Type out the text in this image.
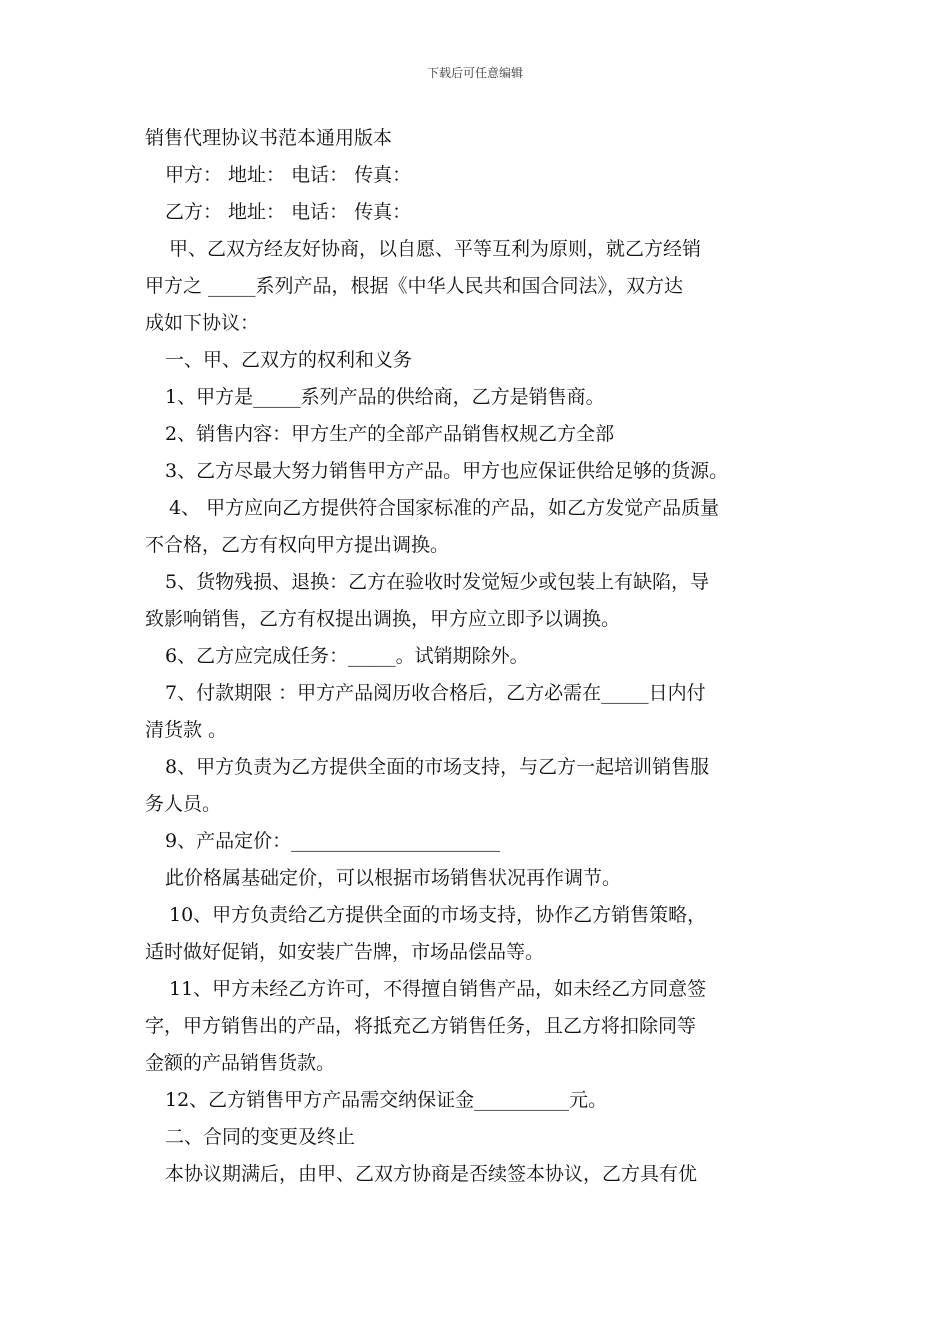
下载后可任意编辑
销售代理协议书范本通用版本
甲方： 地址： 电话： 传真：
乙方： 地址： 电话： 传真：
甲、乙双方经友好协商，以自愿、平等互利为原则，就乙方经销
甲方之 _____系列产品，根据《中华人民共和国合同法》，双方达
成如下协议：
一、甲、乙双方的权利和义务
1、甲方是_____系列产品的供给商，乙方是销售商。
2、销售内容：甲方生产的全部产品销售权规乙方全部
3、乙方尽最大努力销售甲方产品。甲方也应保证供给足够的货源。
4、 甲方应向乙方提供符合国家标准的产品，如乙方发觉产品质量
不合格，乙方有权向甲方提出调换。
5、货物残损、退换：乙方在验收时发觉短少或包装上有缺陷，导
致影响销售，乙方有权提出调换，甲方应立即予以调换。
6、乙方应完成任务：_____。试销期除外。
7、付款期限 ：甲方产品阅历收合格后，乙方必需在_____日内付
清货款 。
8、甲方负责为乙方提供全面的市场支持，与乙方一起培训销售服
务人员。
9、产品定价：______________________
此价格属基础定价，可以根据市场销售状况再作调节。
10、甲方负责给乙方提供全面的市场支持，协作乙方销售策略，
适时做好促销，如安装广告牌，市场品偿品等。
11、甲方未经乙方许可，不得擅自销售产品，如未经乙方同意签
字，甲方销售出的产品，将抵充乙方销售任务，且乙方将扣除同等
金额的产品销售货款。
12、乙方销售甲方产品需交纳保证金__________元。
二、合同的变更及终止
本协议期满后，由甲、乙双方协商是否续签本协议，乙方具有优
